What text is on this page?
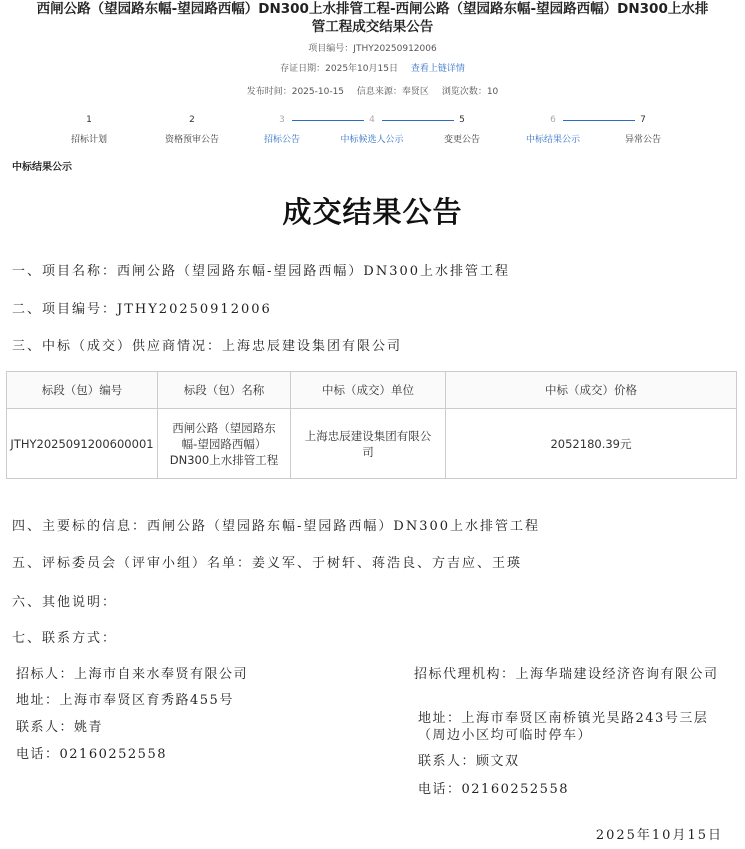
西闸公路（望园路东幅-望园路西幅）DN300上水排管工程-西闸公路（望园路东幅-望园路西幅）DN300上水排管工程成交结果公告
项目编号：JTHY20250912006
存证日期：2025年10月15日 查看上链详情
发布时间：2025-10-15 信息来源：奉贤区 浏览次数：10
1
招标计划
2
资格预审公告
3
招标公告
4
中标候选人公示
5
变更公告
6
中标结果公示
7
异常公告
中标结果公示
成交结果公告
一、项目名称：西闸公路（望园路东幅-望园路西幅）DN300上水排管工程
二、项目编号：JTHY20250912006
三、中标（成交）供应商情况：上海忠辰建设集团有限公司
标段（包）编号	标段（包）名称	中标（成交）单位	中标（成交）价格
JTHY2025091200600001	西闸公路（望园路东幅-望园路西幅）DN300上水排管工程	上海忠辰建设集团有限公司	2052180.39元
四、主要标的信息：西闸公路（望园路东幅-望园路西幅）DN300上水排管工程
五、评标委员会（评审小组）名单：姜义军、于树轩、蒋浩良、方吉应、王瑛
六、其他说明：
七、联系方式：
招标人：上海市自来水奉贤有限公司
地址：上海市奉贤区育秀路455号
联系人：姚青
电话：02160252558
招标代理机构：上海华瑞建设经济咨询有限公司
地址：上海市奉贤区南桥镇光昊路243号三层（周边小区均可临时停车）
联系人：顾文双
电话：02160252558
2025年10月15日
